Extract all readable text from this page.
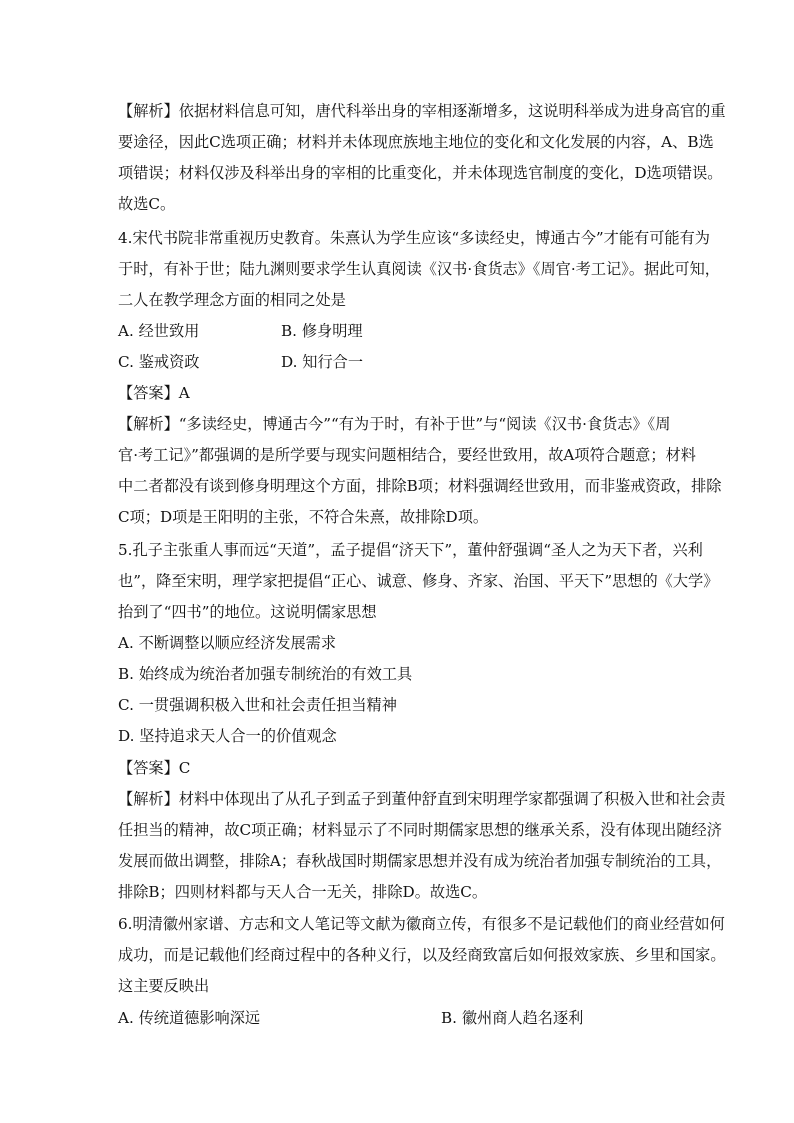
【解析】依据材料信息可知，唐代科举出身的宰相逐渐增多，这说明科举成为进身高官的重
要途径，因此C选项正确；材料并未体现庶族地主地位的变化和文化发展的内容，A、B选
项错误；材料仅涉及科举出身的宰相的比重变化，并未体现选官制度的变化，D选项错误。
故选C。
4.宋代书院非常重视历史教育。朱熹认为学生应该“多读经史，博通古今”才能有可能有为
于时，有补于世；陆九渊则要求学生认真阅读《汉书·食货志》《周官·考工记》。据此可知，
二人在教学理念方面的相同之处是
A. 经世致用	B. 修身明理
C. 鉴戒资政	D. 知行合一
【答案】A
【解析】“多读经史，博通古今”“有为于时，有补于世”与“阅读《汉书·食货志》《周
官·考工记》”都强调的是所学要与现实问题相结合，要经世致用，故A项符合题意；材料
中二者都没有谈到修身明理这个方面，排除B项；材料强调经世致用，而非鉴戒资政，排除
C项；D项是王阳明的主张，不符合朱熹，故排除D项。
5.孔子主张重人事而远“天道”，孟子提倡“济天下”，董仲舒强调“圣人之为天下者，兴利
也”，降至宋明，理学家把提倡“正心、诚意、修身、齐家、治国、平天下”思想的《大学》
抬到了“四书”的地位。这说明儒家思想
A. 不断调整以顺应经济发展需求
B. 始终成为统治者加强专制统治的有效工具
C. 一贯强调积极入世和社会责任担当精神
D. 坚持追求天人合一的价值观念
【答案】C
【解析】材料中体现出了从孔子到孟子到董仲舒直到宋明理学家都强调了积极入世和社会责
任担当的精神，故C项正确；材料显示了不同时期儒家思想的继承关系，没有体现出随经济
发展而做出调整，排除A；春秋战国时期儒家思想并没有成为统治者加强专制统治的工具，
排除B；四则材料都与天人合一无关，排除D。故选C。
6.明清徽州家谱、方志和文人笔记等文献为徽商立传，有很多不是记载他们的商业经营如何
成功，而是记载他们经商过程中的各种义行，以及经商致富后如何报效家族、乡里和国家。
这主要反映出
A. 传统道德影响深远	B. 徽州商人趋名逐利
